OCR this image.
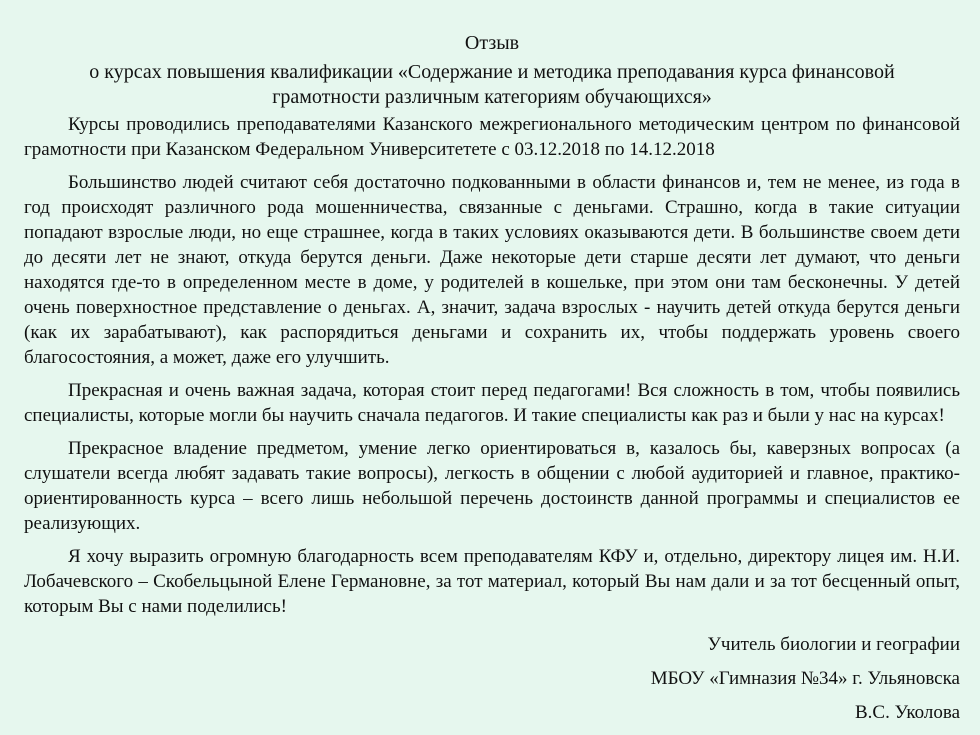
Отзыв
о курсах повышения квалификации «Содержание и методика преподавания курса финансовой грамотности различным категориям обучающихся»

Курсы проводились преподавателями Казанского межрегионального методическим центром по финансовой грамотности при Казанском Федеральном Университетете с 03.12.2018 по 14.12.2018

Большинство людей считают себя достаточно подкованными в области финансов и, тем не менее, из года в год происходят различного рода мошенничества, связанные с деньгами. Страшно, когда в такие ситуации попадают взрослые люди, но еще страшнее, когда в таких условиях оказываются дети. В большинстве своем дети до десяти лет не знают, откуда берутся деньги. Даже некоторые дети старше десяти лет думают, что деньги находятся где-то в определенном месте в доме, у родителей в кошельке, при этом они там бесконечны. У детей очень поверхностное представление о деньгах. А, значит, задача взрослых - научить детей откуда берутся деньги (как их зарабатывают), как распорядиться деньгами и сохранить их, чтобы поддержать уровень своего благосостояния, а может, даже его улучшить.

Прекрасная и очень важная задача, которая стоит перед педагогами! Вся сложность в том, чтобы появились специалисты, которые могли бы научить сначала педагогов. И такие специалисты как раз и были у нас на курсах!

Прекрасное владение предметом, умение легко ориентироваться в, казалось бы, каверзных вопросах (а слушатели всегда любят задавать такие вопросы), легкость в общении с любой аудиторией и главное, практико-ориентированность курса – всего лишь небольшой перечень достоинств данной программы и специалистов ее реализующих.

Я хочу выразить огромную благодарность всем преподавателям КФУ и, отдельно, директору лицея им. Н.И. Лобачевского – Скобельцыной Елене Германовне, за тот материал, который Вы нам дали и за тот бесценный опыт, которым Вы с нами поделились!

Учитель биологии и географии
МБОУ «Гимназия №34» г. Ульяновска
В.С. Уколова
